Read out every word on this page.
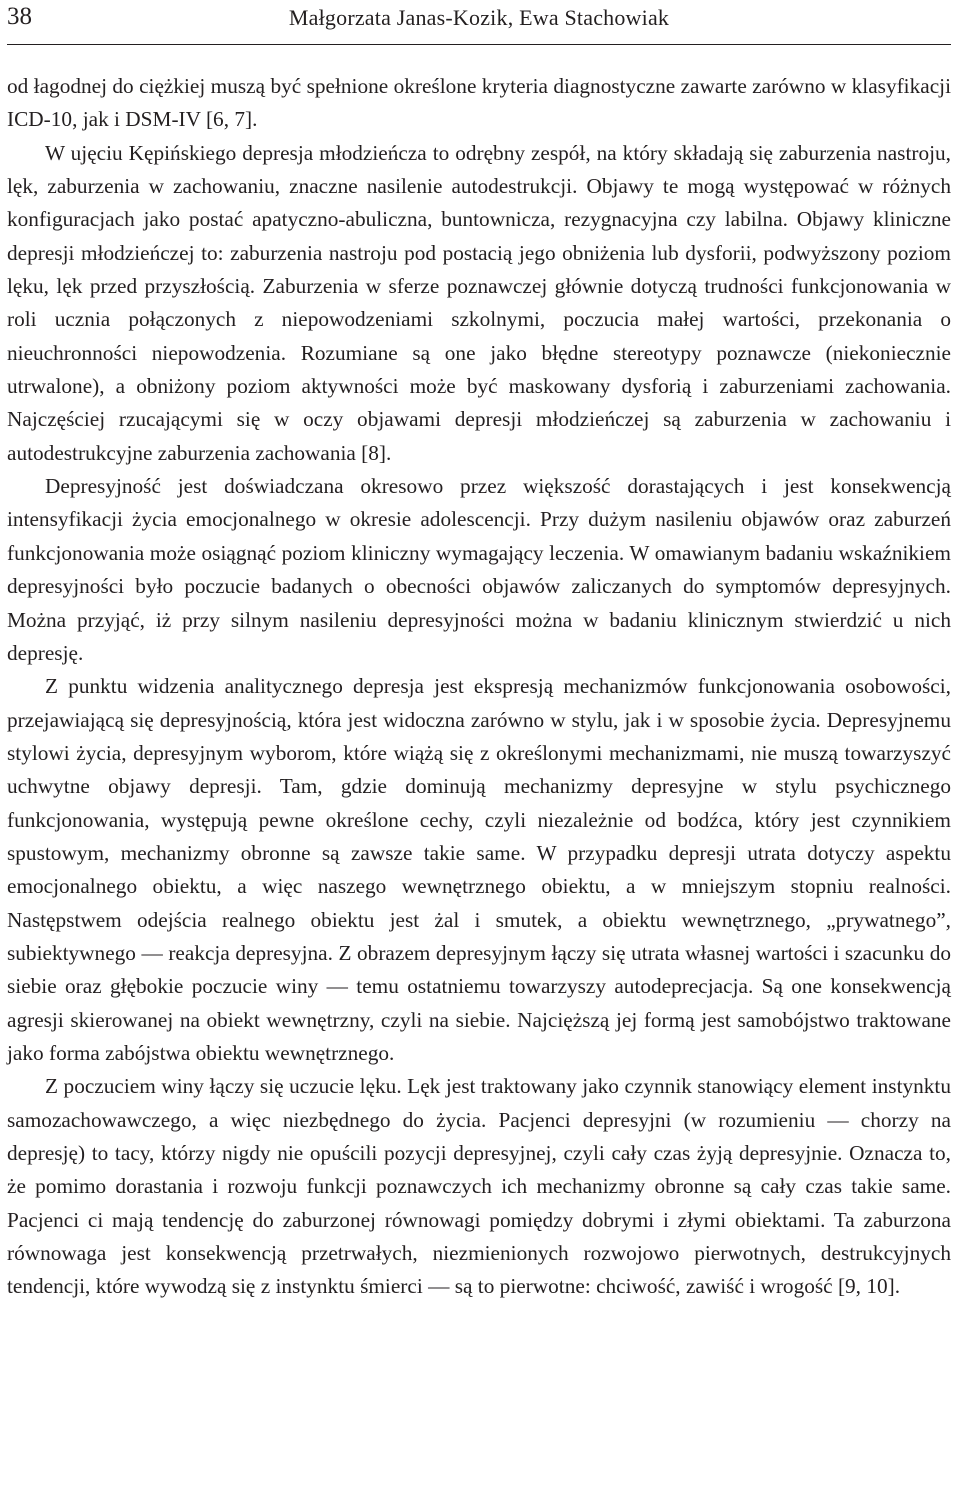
38	Małgorzata Janas-Kozik, Ewa Stachowiak

od łagodnej do ciężkiej muszą być spełnione określone kryteria diagnostyczne zawarte zarówno w klasyfikacji ICD-10, jak i DSM-IV [6, 7].

W ujęciu Kępińskiego depresja młodzieńcza to odrębny zespół, na który składają się zaburzenia nastroju, lęk, zaburzenia w zachowaniu, znaczne nasilenie autodestrukcji. Objawy te mogą występować w różnych konfiguracjach jako postać apatyczno-abuliczna, buntownicza, rezygnacyjna czy labilna. Objawy kliniczne depresji młodzieńczej to: zaburzenia nastroju pod postacią jego obniżenia lub dysforii, podwyższony poziom lęku, lęk przed przyszłością. Zaburzenia w sferze poznawczej głównie dotyczą trudności funkcjonowania w roli ucznia połączonych z niepowodzeniami szkolnymi, poczucia małej wartości, przekonania o nieuchronności niepowodzenia. Rozumiane są one jako błędne stereotypy poznawcze (niekoniecznie utrwalone), a obniżony poziom aktywności może być maskowany dysforią i zaburzeniami zachowania. Najczęściej rzucającymi się w oczy objawami depresji młodzieńczej są zaburzenia w zachowaniu i autodestrukcyjne zaburzenia zachowania [8].

Depresyjność jest doświadczana okresowo przez większość dorastających i jest konsekwencją intensyfikacji życia emocjonalnego w okresie adolescencji. Przy dużym nasileniu objawów oraz zaburzeń funkcjonowania może osiągnąć poziom kliniczny wymagający leczenia. W omawianym badaniu wskaźnikiem depresyjności było poczucie badanych o obecności objawów zaliczanych do symptomów depresyjnych. Można przyjąć, iż przy silnym nasileniu depresyjności można w badaniu klinicznym stwierdzić u nich depresję.

Z punktu widzenia analitycznego depresja jest ekspresją mechanizmów funkcjonowania osobowości, przejawiającą się depresyjnością, która jest widoczna zarówno w stylu, jak i w sposobie życia. Depresyjnemu stylowi życia, depresyjnym wyborom, które wiążą się z określonymi mechanizmami, nie muszą towarzyszyć uchwytne objawy depresji. Tam, gdzie dominują mechanizmy depresyjne w stylu psychicznego funkcjonowania, występują pewne określone cechy, czyli niezależnie od bodźca, który jest czynnikiem spustowym, mechanizmy obronne są zawsze takie same. W przypadku depresji utrata dotyczy aspektu emocjonalnego obiektu, a więc naszego wewnętrznego obiektu, a w mniejszym stopniu realności. Następstwem odejścia realnego obiektu jest żal i smutek, a obiektu wewnętrznego, „prywatnego”, subiektywnego — reakcja depresyjna. Z obrazem depresyjnym łączy się utrata własnej wartości i szacunku do siebie oraz głębokie poczucie winy — temu ostatniemu towarzyszy autodeprecjacja. Są one konsekwencją agresji skierowanej na obiekt wewnętrzny, czyli na siebie. Najcięższą jej formą jest samobójstwo traktowane jako forma zabójstwa obiektu wewnętrznego.

Z poczuciem winy łączy się uczucie lęku. Lęk jest traktowany jako czynnik stanowiący element instynktu samozachowawczego, a więc niezbędnego do życia. Pacjenci depresyjni (w rozumieniu — chorzy na depresję) to tacy, którzy nigdy nie opuścili pozycji depresyjnej, czyli cały czas żyją depresyjnie. Oznacza to, że pomimo dorastania i rozwoju funkcji poznawczych ich mechanizmy obronne są cały czas takie same. Pacjenci ci mają tendencję do zaburzonej równowagi pomiędzy dobrymi i złymi obiektami. Ta zaburzona równowaga jest konsekwencją przetrwałych, niezmienionych rozwojowo pierwotnych, destrukcyjnych tendencji, które wywodzą się z instynktu śmierci — są to pierwotne: chciwość, zawiść i wrogość [9, 10].
